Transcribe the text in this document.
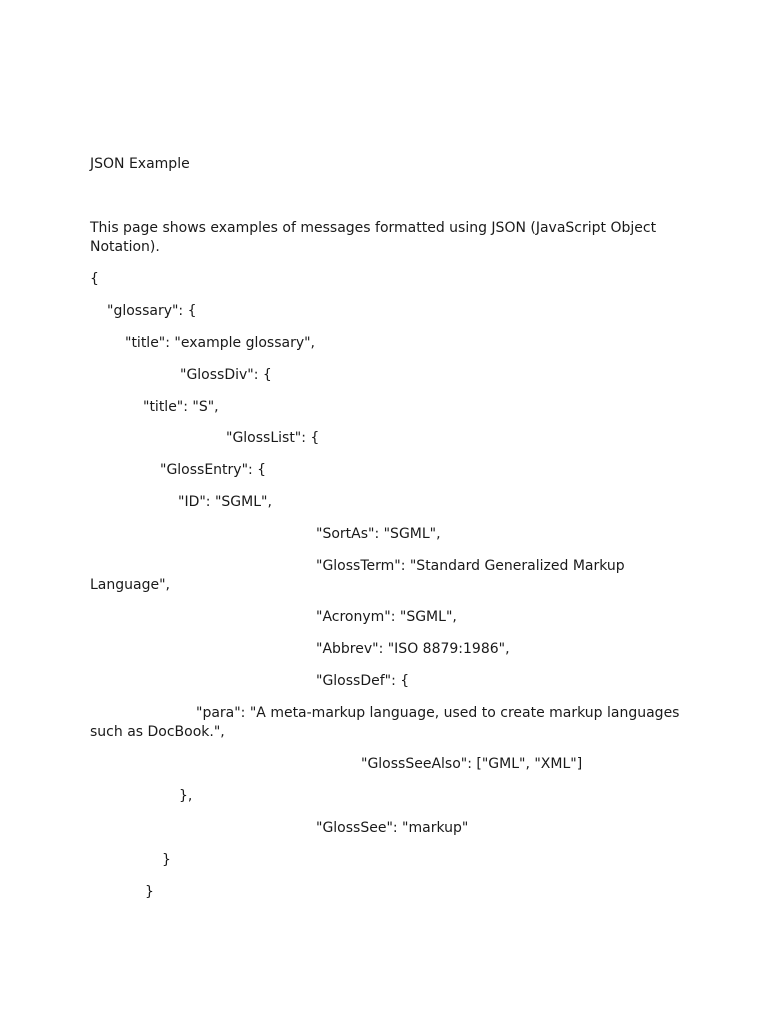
JSON Example
This page shows examples of messages formatted using JSON (JavaScript Object Notation).
{
"glossary": {
"title": "example glossary",
"GlossDiv": {
"title": "S",
"GlossList": {
"GlossEntry": {
"ID": "SGML",
"SortAs": "SGML",
"GlossTerm": "Standard Generalized Markup
Language",
"Acronym": "SGML",
"Abbrev": "ISO 8879:1986",
"GlossDef": {
"para": "A meta-markup language, used to create markup languages
such as DocBook.",
"GlossSeeAlso": ["GML", "XML"]
},
"GlossSee": "markup"
}
}
